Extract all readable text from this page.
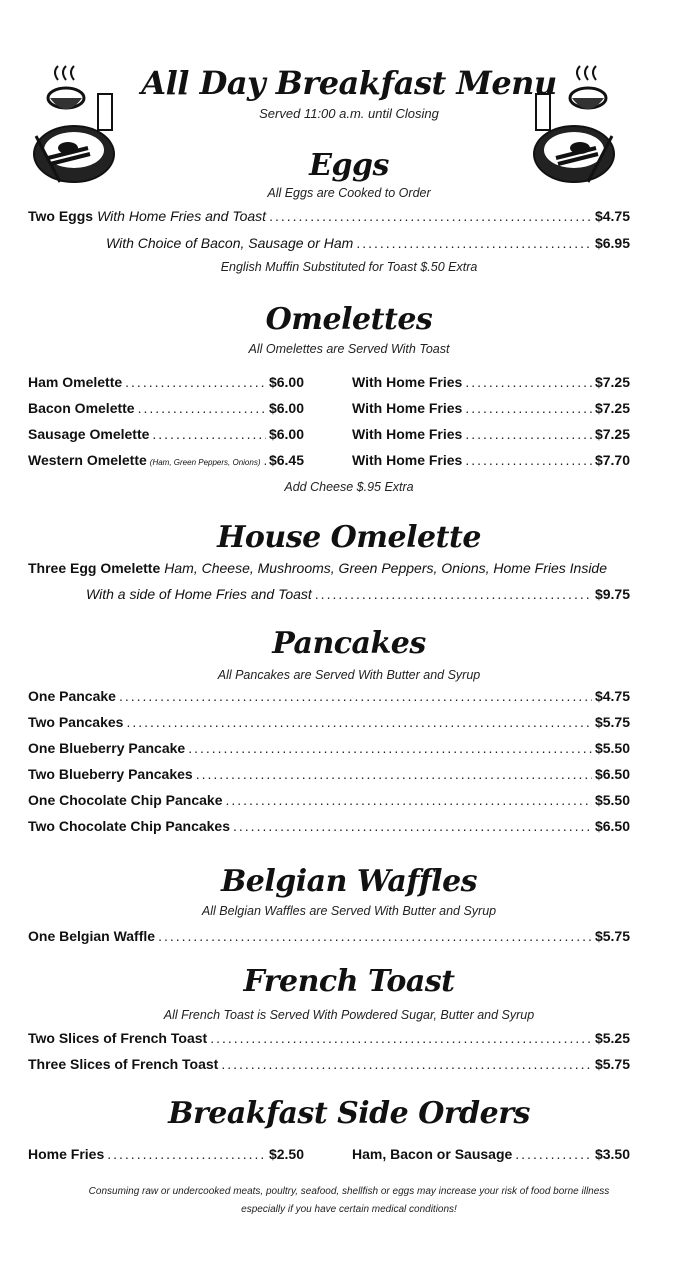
All Day Breakfast Menu
Served 11:00 a.m. until Closing
Eggs
All Eggs are Cooked to Order
Two Eggs With Home Fries and Toast .....	$4.75
With Choice of Bacon, Sausage or Ham .....	$6.95
English Muffin Substituted for Toast $.50 Extra
Omelettes
All Omelettes are Served With Toast
Ham Omelette .....	$6.00	With Home Fries .....	$7.25
Bacon Omelette .....	$6.00	With Home Fries .....	$7.25
Sausage Omelette .....	$6.00	With Home Fries .....	$7.25
Western Omelette (Ham, Green Peppers, Onions) ..... $6.45	With Home Fries .....	$7.70
Add Cheese $.95 Extra
House Omelette
Three Egg Omelette Ham, Cheese, Mushrooms, Green Peppers, Onions, Home Fries Inside
With a side of Home Fries and Toast .....	$9.75
Pancakes
All Pancakes are Served With Butter and Syrup
One Pancake .....	$4.75
Two Pancakes .....	$5.75
One Blueberry Pancake .....	$5.50
Two Blueberry Pancakes .....	$6.50
One Chocolate Chip Pancake .....	$5.50
Two Chocolate Chip Pancakes .....	$6.50
Belgian Waffles
All Belgian Waffles are Served With Butter and Syrup
One Belgian Waffle .....	$5.75
French Toast
All French Toast is Served With Powdered Sugar, Butter and Syrup
Two Slices of French Toast .....	$5.25
Three Slices of French Toast .....	$5.75
Breakfast Side Orders
Home Fries .....	$2.50	Ham, Bacon or Sausage .....	$3.50
Consuming raw or undercooked meats, poultry, seafood, shellfish or eggs may increase your risk of food borne illness
especially if you have certain medical conditions!
